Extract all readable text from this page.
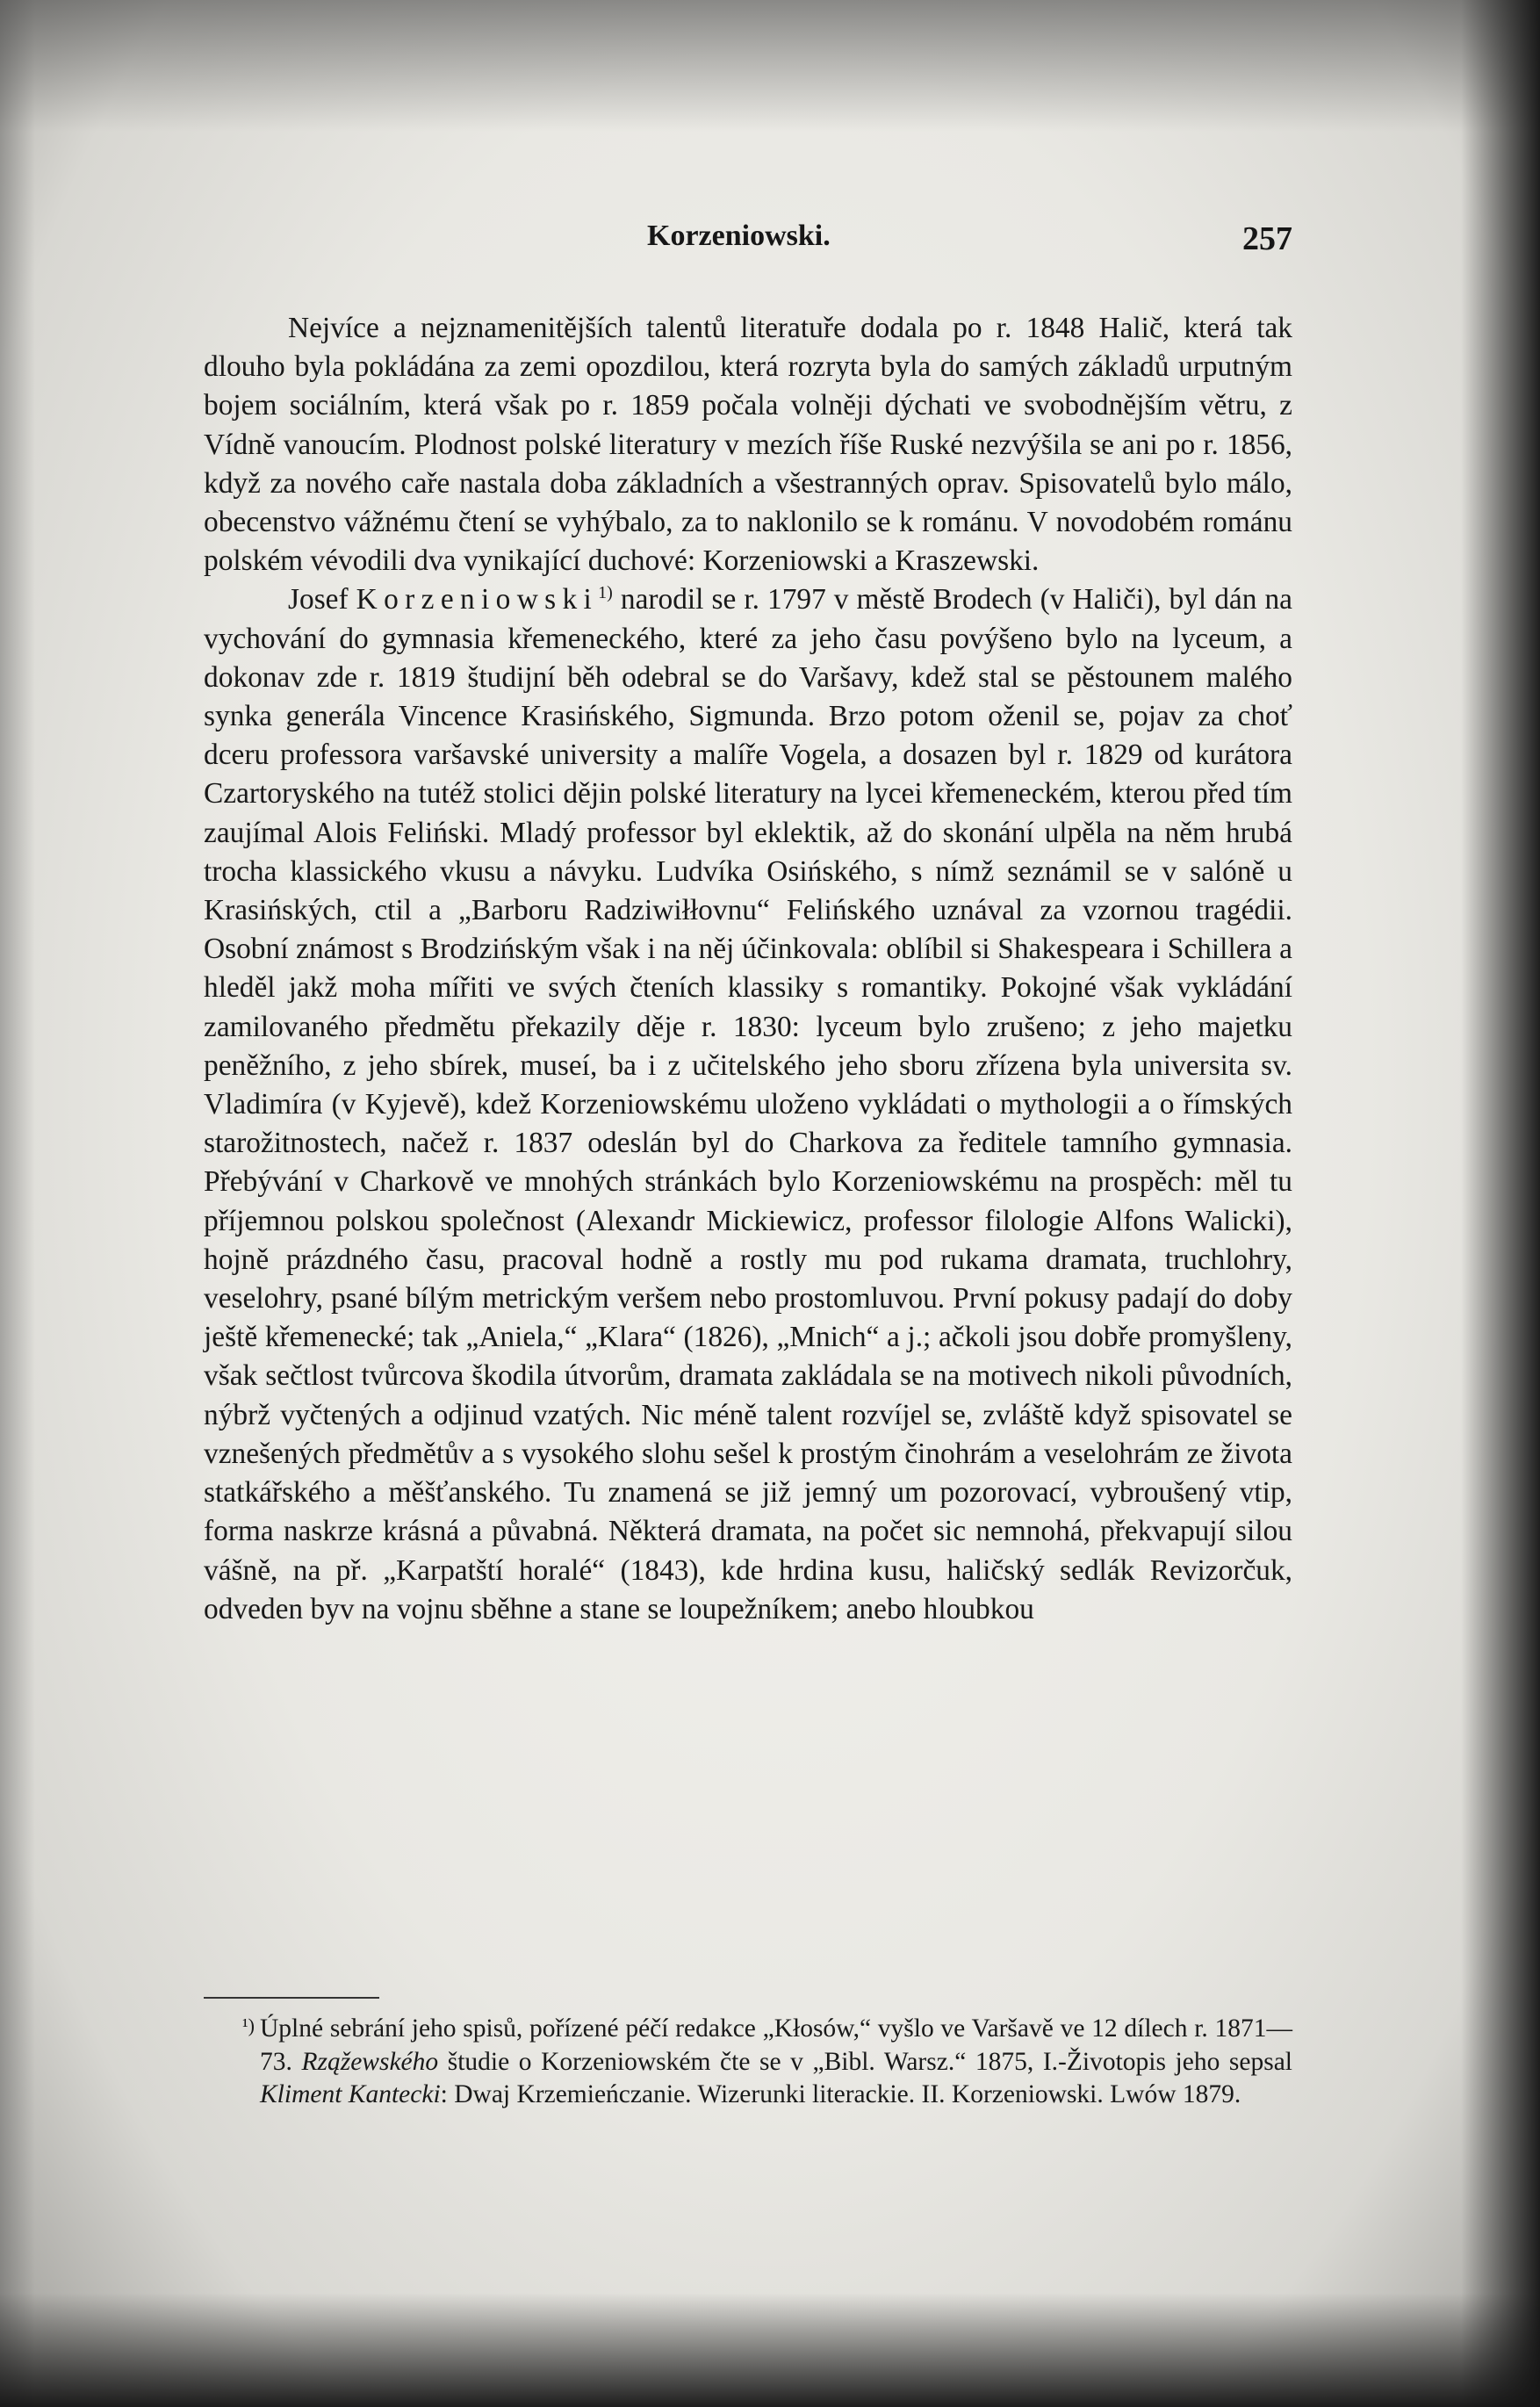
Korzeniowski.	257

Nejvíce a nejznamenitějších talentů literatuře dodala po r. 1848 Halič, která tak dlouho byla pokládána za zemi opozdilou, která rozryta byla do samých základů urputným bojem sociálním, která však po r. 1859 počala volněji dýchati ve svobodnějším větru, z Vídně vanoucím. Plodnost polské literatury v mezích říše Ruské nezvýšila se ani po r. 1856, když za nového caře nastala doba základních a všestranných oprav. Spisovatelů bylo málo, obecenstvo vážnému čtení se vyhýbalo, za to naklonilo se k románu. V novodobém románu polském vévodili dva vynikající duchové: Korzeniowski a Kraszewski.

Josef Korzeniowski$^{1)}$ narodil se r. 1797 v městě Brodech (v Haliči), byl dán na vychování do gymnasia křemeneckého, které za jeho času povýšeno bylo na lyceum, a dokonav zde r. 1819 študijní běh odebral se do Varšavy, kdež stal se pěstounem malého synka generála Vincence Krasińského, Sigmunda. Brzo potom oženil se, pojav za choť dceru professora varšavské university a malíře Vogela, a dosazen byl r. 1829 od kurátora Czartoryského na tutéž stolici dějin polské literatury na lycei křemeneckém, kterou před tím zaujímal Alois Feliński. Mladý professor byl eklektik, až do skonání ulpěla na něm hrubá trocha klassického vkusu a návyku. Ludvíka Osińského, s nímž seznámil se v salóně u Krasińských, ctil a „Barboru Radziwiłłovnu“ Felińského uznával za vzornou tragédii. Osobní známost s Brodzińským však i na něj účinkovala: oblíbil si Shakespeara i Schillera a hleděl jakž moha mířiti ve svých čteních klassiky s romantiky. Pokojné však vykládání zamilovaného předmětu překazily děje r. 1830: lyceum bylo zrušeno; z jeho majetku peněžního, z jeho sbírek, museí, ba i z učitelského jeho sboru zřízena byla universita sv. Vladimíra (v Kyjevě), kdež Korzeniowskému uloženo vykládati o mythologii a o římských starožitnostech, načež r. 1837 odeslán byl do Charkova za ředitele tamního gymnasia. Přebývání v Charkově ve mnohých stránkách bylo Korzeniowskému na prospěch: měl tu příjemnou polskou společnost (Alexandr Mickiewicz, professor filologie Alfons Walicki), hojně prázdného času, pracoval hodně a rostly mu pod rukama dramata, truchlohry, veselohry, psané bílým metrickým veršem nebo prostomluvou. První pokusy padají do doby ještě křemenecké; tak „Aniela,“ „Klara“ (1826), „Mnich“ a j.; ačkoli jsou dobře promyšleny, však sečtlost tvůrcova škodila útvorům, dramata zakládala se na motivech nikoli původních, nýbrž vyčtených a odjinud vzatých. Nic méně talent rozvíjel se, zvláště když spisovatel se vznešených předmětův a s vysokého slohu sešel k prostým činohrám a veselohrám ze života statkářského a měšťanského. Tu znamená se již jemný um pozorovací, vybroušený vtip, forma naskrze krásná a půvabná. Některá dramata, na počet sic nemnohá, překvapují silou vášně, na př. „Karpatští horalé“ (1843), kde hrdina kusu, haličský sedlák Revizorčuk, odveden byv na vojnu sběhne a stane se loupežníkem; anebo hloubkou

¹) Úplné sebrání jeho spisů, pořízené péčí redakce „Kłosów,“ vyšlo ve Varšavě ve 12 dílech r. 1871—73. Rząžewského študie o Korzeniowském čte se v „Bibl. Warsz.“ 1875, I.-Životopis jeho sepsal Kliment Kantecki: Dwaj Krzemieńczanie. Wizerunki literackie. II. Korzeniowski. Lwów 1879.
